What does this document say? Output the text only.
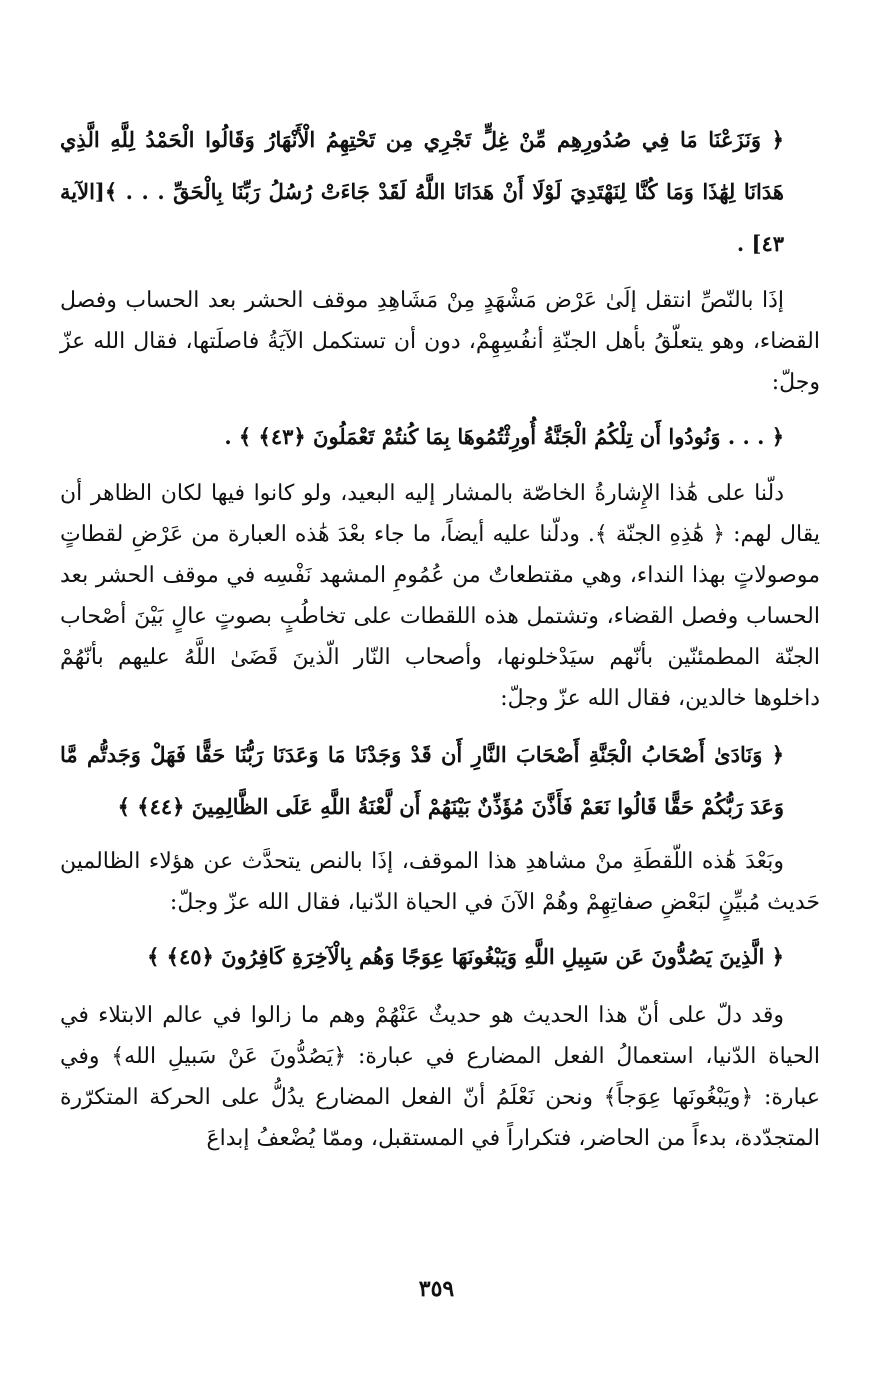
﴿ وَنَزَعْنَا مَا فِي صُدُورِهِم مِّنْ غِلٍّ تَجْرِي مِن تَحْتِهِمُ الْأَنْهَارُ وَقَالُوا الْحَمْدُ لِلَّهِ الَّذِي هَدَانَا لِهَٰذَا وَمَا كُنَّا لِنَهْتَدِيَ لَوْلَا أَنْ هَدَانَا اللَّهُ لَقَدْ جَاءَتْ رُسُلُ رَبِّنَا بِالْحَقِّ . . . ﴾[الآية ٤٣] .

إذَا بالنّصِّ انتقل إلَىٰ عَرْض مَشْهَدٍ مِنْ مَشَاهِدِ موقف الحشر بعد الحساب وفصل القضاء، وهو يتعلّقُ بأهل الجنّةِ أنفُسِهِمْ، دون أن تستكمل الآيَةُ فاصلَتها، فقال الله عزّ وجلّ:

﴿ . . . وَنُودُوا أَن تِلْكُمُ الْجَنَّةُ أُورِثْتُمُوهَا بِمَا كُنتُمْ تَعْمَلُونَ ﴿٤٣﴾ ﴾ .

دلّنا على هَٰذا الإِشارةُ الخاصّة بالمشار إليه البعيد، ولو كانوا فيها لكان الظاهر أن يقال لهم: ﴿ هَٰذِهِ الجنّة ﴾. ودلّنا عليه أيضاً، ما جاء بعْدَ هَٰذه العبارة من عَرْضِ لقطاتٍ موصولاتٍ بهذا النداء، وهي مقتطعاتٌ من عُمُومِ المشهد نَفْسِه في موقف الحشر بعد الحساب وفصل القضاء، وتشتمل هذه اللقطات على تخاطُبٍ بصوتٍ عالٍ بَيْنَ أصْحاب الجنّة المطمئنّين بأنّهم سيَدْخلونها، وأصحاب النّار الّذينَ قَضَىٰ اللَّهُ عليهم بأنّهُمْ داخلوها خالدين، فقال الله عزّ وجلّ:

﴿ وَنَادَىٰ أَصْحَابُ الْجَنَّةِ أَصْحَابَ النَّارِ أَن قَدْ وَجَدْنَا مَا وَعَدَنَا رَبُّنَا حَقًّا فَهَلْ وَجَدتُّم مَّا وَعَدَ رَبُّكُمْ حَقًّا قَالُوا نَعَمْ فَأَذَّنَ مُؤَذِّنٌ بَيْنَهُمْ أَن لَّعْنَةُ اللَّهِ عَلَى الظَّالِمِينَ ﴿٤٤﴾ ﴾

وبَعْدَ هَٰذه اللّقطَةِ منْ مشاهدِ هذا الموقف، إذَا بالنص يتحدَّث عن هؤلاء الظالمين حَديث مُبيِّنٍ لبَعْضِ صفاتِهِمْ وهُمْ الآنَ في الحياة الدّنيا، فقال الله عزّ وجلّ:

﴿ الَّذِينَ يَصُدُّونَ عَن سَبِيلِ اللَّهِ وَيَبْغُونَهَا عِوَجًا وَهُم بِالْآخِرَةِ كَافِرُونَ ﴿٤٥﴾ ﴾

وقد دلّ على أنّ هذا الحديث هو حديثٌ عَنْهُمْ وهم ما زالوا في عالم الابتلاء في الحياة الدّنيا، استعمالُ الفعل المضارع في عبارة: ﴿يَصُدُّونَ عَنْ سَبيلِ الله﴾ وفي عبارة: ﴿ويَبْغُونَها عِوَجاً﴾ ونحن نَعْلَمُ أنّ الفعل المضارع يدُلُّ على الحركة المتكرّرة المتجدّدة، بدءاً من الحاضر، فتكراراً في المستقبل، وممّا يُضْعفُ إبداعَ

٣٥٩
